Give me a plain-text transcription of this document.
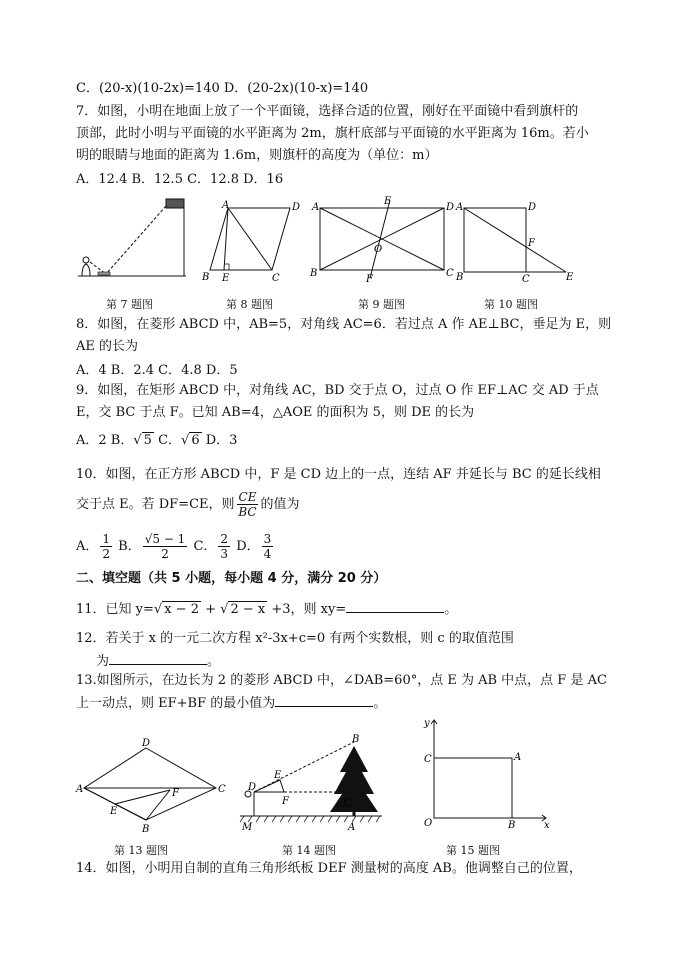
C．(20-x)(10-2x)=140 D．(20-2x)(10-x)=140
7．如图，小明在地面上放了一个平面镜，选择合适的位置，刚好在平面镜中看到旗杆的
顶部，此时小明与平面镜的水平距离为 2m，旗杆底部与平面镜的水平距离为 16m。若小
明的眼睛与地面的距离为 1.6m，则旗杆的高度为（单位：m）
A．12.4 B．12.5 C．12.8 D．16
A	D
B E	C
A
E
D
O
B
F
C
A	D
F
B	C	E
第 7 题图	第 8 题图	第 9 题图	第 10 题图
8．如图，在菱形 ABCD 中，AB=5，对角线 AC=6．若过点 A 作 AE⊥BC，垂足为 E，则
AE 的长为
A．4 B．2.4 C．4.8 D．5
9．如图，在矩形 ABCD 中，对角线 AC，BD 交于点 O，过点 O 作 EF⊥AC 交 AD 于点
E，交 BC 于点 F。已知 AB=4，△AOE 的面积为 5，则 DE 的长为
A．2 B．√ 5 C．√ 6 D．3
10．如图，在正方形 ABCD 中，F 是 CD 边上的一点，连结 AF 并延长与 BC 的延长线相
交于点 E。若 DF=CE，则 $\frac{CE}{BC}$ 的值为
A． $\frac{1}{2}$ B． $\frac{√5 - 1}{2}$ C． $\frac{2}{3}$ D． $\frac{3}{4}$
二、填空题（共 5 小题，每小题 4 分，满分 20 分）
11．已知 y=√ x − 2 + √ 2 − x +3，则 xy=	。
12．若关于 x 的一元二次方程 x²-3x+c=0 有两个实数根，则 c 的取值范围
为	。
13.如图所示，在边长为 2 的菱形 ABCD 中，∠DAB=60°，点 E 为 AB 中点，点 F 是 AC
上一动点，则 EF+BF 的最小值为	。
D
A	C
F
E
B
B
E
D
F	C
M	A
y
C	A
O	B	x
第 13 题图	第 14 题图	第 15 题图
14．如图，小明用自制的直角三角形纸板 DEF 测量树的高度 AB。他调整自己的位置，
